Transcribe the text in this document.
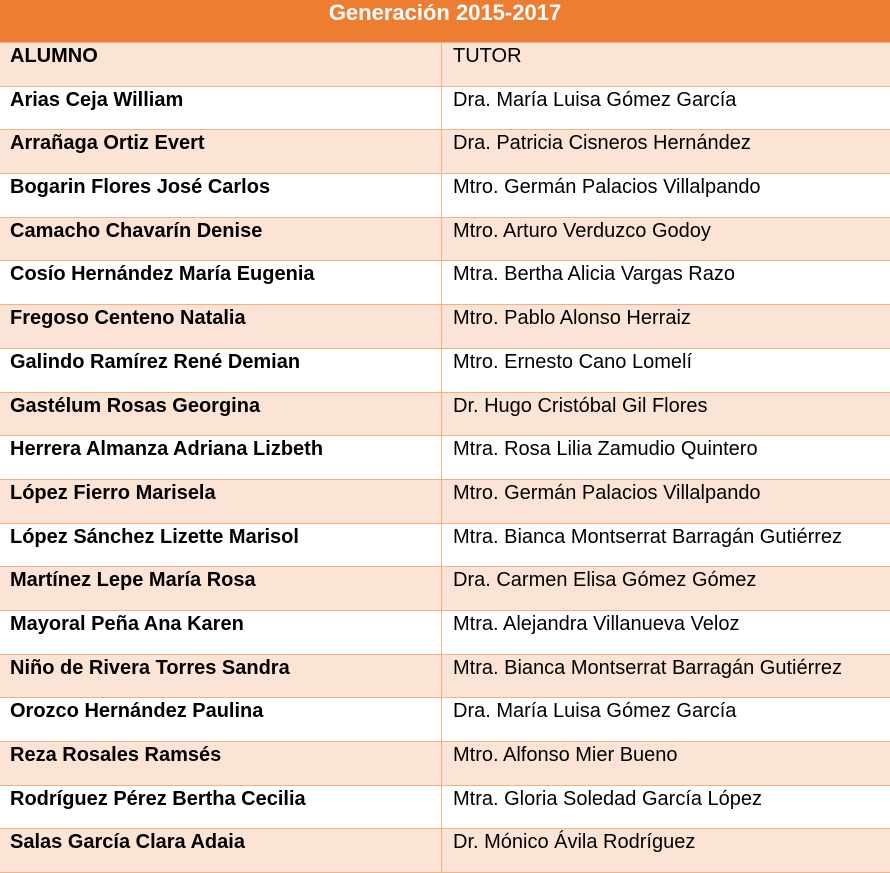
Generación 2015-2017
ALUMNO	TUTOR
Arias Ceja William	Dra. María Luisa Gómez García
Arrañaga Ortiz Evert	Dra. Patricia Cisneros Hernández
Bogarin Flores José Carlos	Mtro. Germán Palacios Villalpando
Camacho Chavarín Denise	Mtro. Arturo Verduzco Godoy
Cosío Hernández María Eugenia	Mtra. Bertha Alicia Vargas Razo
Fregoso Centeno Natalia	Mtro. Pablo Alonso Herraiz
Galindo Ramírez René Demian	Mtro. Ernesto Cano Lomelí
Gastélum Rosas Georgina	Dr. Hugo Cristóbal Gil Flores
Herrera Almanza Adriana Lizbeth	Mtra. Rosa Lilia Zamudio Quintero
López Fierro Marisela	Mtro. Germán Palacios Villalpando
López Sánchez Lizette Marisol	Mtra. Bianca Montserrat Barragán Gutiérrez
Martínez Lepe María Rosa	Dra. Carmen Elisa Gómez Gómez
Mayoral Peña Ana Karen	Mtra. Alejandra Villanueva Veloz
Niño de Rivera Torres Sandra	Mtra. Bianca Montserrat Barragán Gutiérrez
Orozco Hernández Paulina	Dra. María Luisa Gómez García
Reza Rosales Ramsés	Mtro. Alfonso Mier Bueno
Rodríguez Pérez Bertha Cecilia	Mtra. Gloria Soledad García López
Salas García Clara Adaia	Dr. Mónico Ávila Rodríguez
